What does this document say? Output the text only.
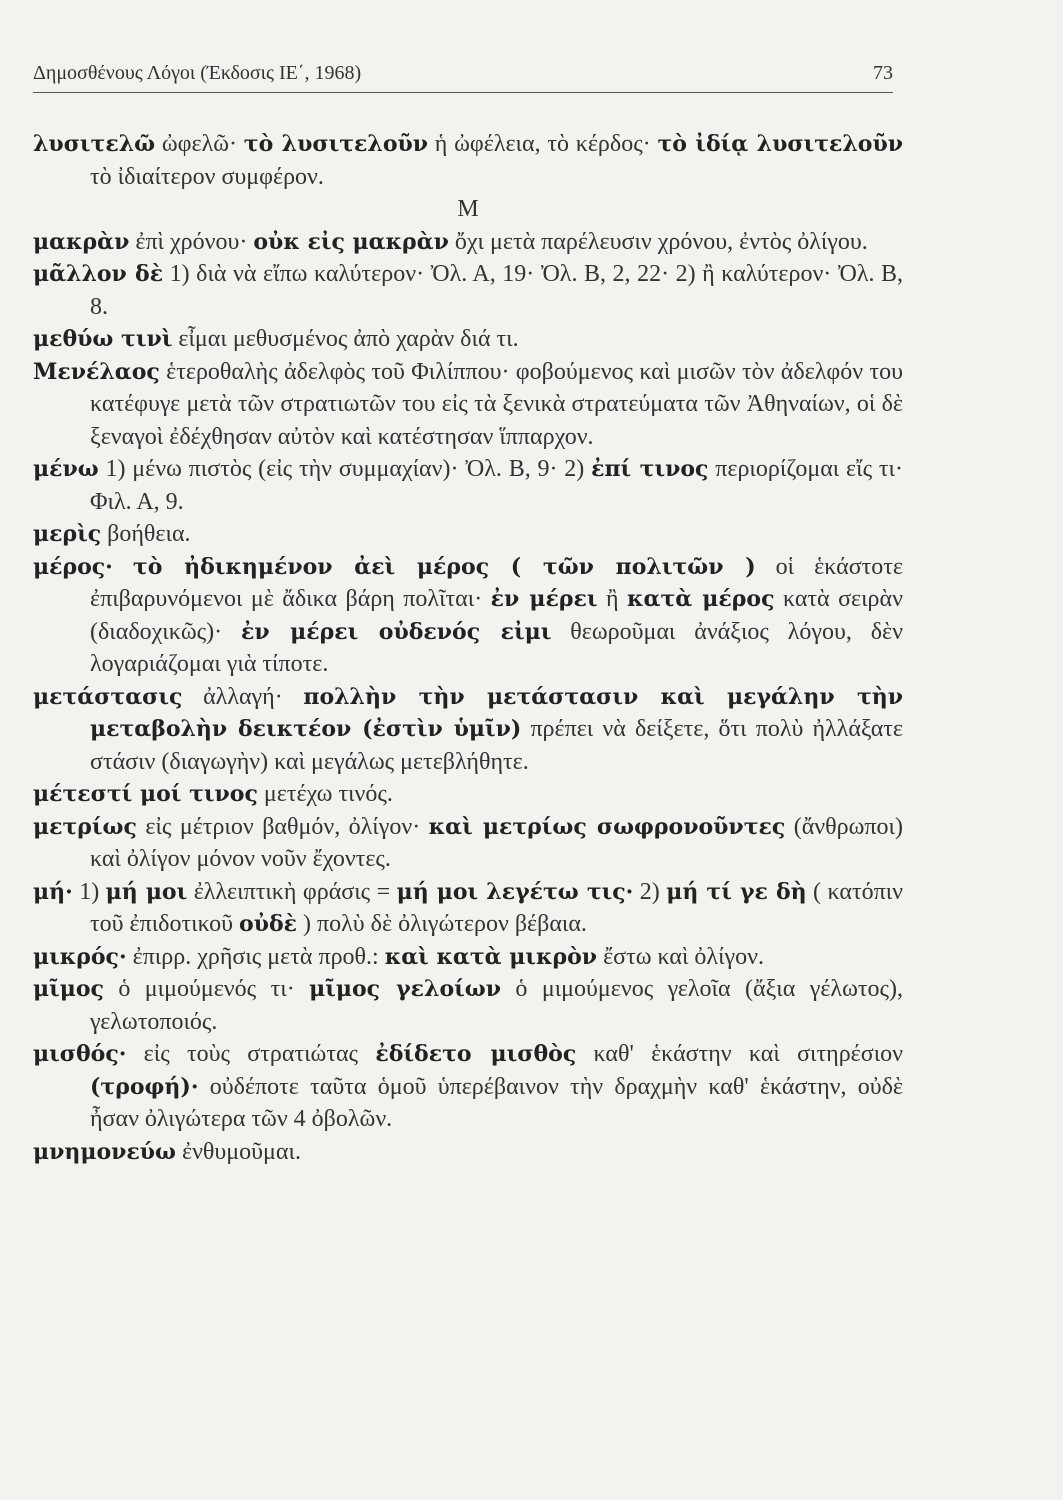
Δημοσθένους Λόγοι (Έκδοσις ΙΕ΄, 1968)	73

λυσιτελῶ ὠφελῶ· τὸ λυσιτελοῦν ἡ ὠφέλεια, τὸ κέρδος· τὸ ἰδίᾳ λυσιτελοῦν τὸ ἰδιαίτερον συμφέρον.

Μ

μακρὰν ἐπὶ χρόνου· οὐκ εἰς μακρὰν ὄχι μετὰ παρέλευσιν χρόνου, ἐντὸς ὀλίγου.

μᾶλλον δὲ 1) διὰ νὰ εἴπω καλύτερον· Ὀλ. Α, 19· Ὀλ. Β, 2, 22· 2) ἢ καλύτερον· Ὀλ. Β, 8.

μεθύω τινὶ εἶμαι μεθυσμένος ἀπὸ χαρὰν διά τι.

Μενέλαος ἑτεροθαλὴς ἀδελφὸς τοῦ Φιλίππου· φοβούμενος καὶ μισῶν τὸν ἀδελφόν του κατέφυγε μετὰ τῶν στρατιωτῶν του εἰς τὰ ξενικὰ στρατεύματα τῶν Ἀθηναίων, οἱ δὲ ξεναγοὶ ἐδέχθησαν αὐτὸν καὶ κατέστησαν ἵππαρχον.

μένω 1) μένω πιστὸς (εἰς τὴν συμμαχίαν)· Ὀλ. Β, 9· 2) ἐπί τινος περιορίζομαι εἴς τι· Φιλ. Α, 9.

μερὶς βοήθεια.

μέρος· τὸ ἠδικημένον ἀεὶ μέρος ( τῶν πολιτῶν ) οἱ ἑκάστοτε ἐπιβαρυνόμενοι μὲ ἄδικα βάρη πολῖται· ἐν μέρει ἢ κατὰ μέρος κατὰ σειρὰν (διαδοχικῶς)· ἐν μέρει οὐδενός εἰμι θεωροῦμαι ἀνάξιος λόγου, δὲν λογαριάζομαι γιὰ τίποτε.

μετάστασις ἀλλαγή· πολλὴν τὴν μετάστασιν καὶ μεγάλην τὴν μεταβολὴν δεικτέον (ἐστὶν ὑμῖν) πρέπει νὰ δείξετε, ὅτι πολὺ ἠλλάξατε στάσιν (διαγωγὴν) καὶ μεγάλως μετεβλήθητε.

μέτεστί μοί τινος μετέχω τινός.

μετρίως εἰς μέτριον βαθμόν, ὀλίγον· καὶ μετρίως σωφρονοῦντες (ἄνθρωποι) καὶ ὀλίγον μόνον νοῦν ἔχοντες.

μή· 1) μή μοι ἐλλειπτικὴ φράσις = μή μοι λεγέτω τις· 2) μή τί γε δὴ ( κατόπιν τοῦ ἐπιδοτικοῦ οὐδὲ ) πολὺ δὲ ὀλιγώτερον βέβαια.

μικρός· ἐπιρρ. χρῆσις μετὰ προθ.: καὶ κατὰ μικρὸν ἔστω καὶ ὀλίγον.

μῖμος ὁ μιμούμενός τι· μῖμος γελοίων ὁ μιμούμενος γελοῖα (ἄξια γέλωτος), γελωτοποιός.

μισθός· εἰς τοὺς στρατιώτας ἐδίδετο μισθὸς καθ' ἑκάστην καὶ σιτηρέσιον (τροφή)· οὐδέποτε ταῦτα ὁμοῦ ὑπερέβαινον τὴν δραχμὴν καθ' ἑκάστην, οὐδὲ ἦσαν ὀλιγώτερα τῶν 4 ὀβολῶν.

μνημονεύω ἐνθυμοῦμαι.
